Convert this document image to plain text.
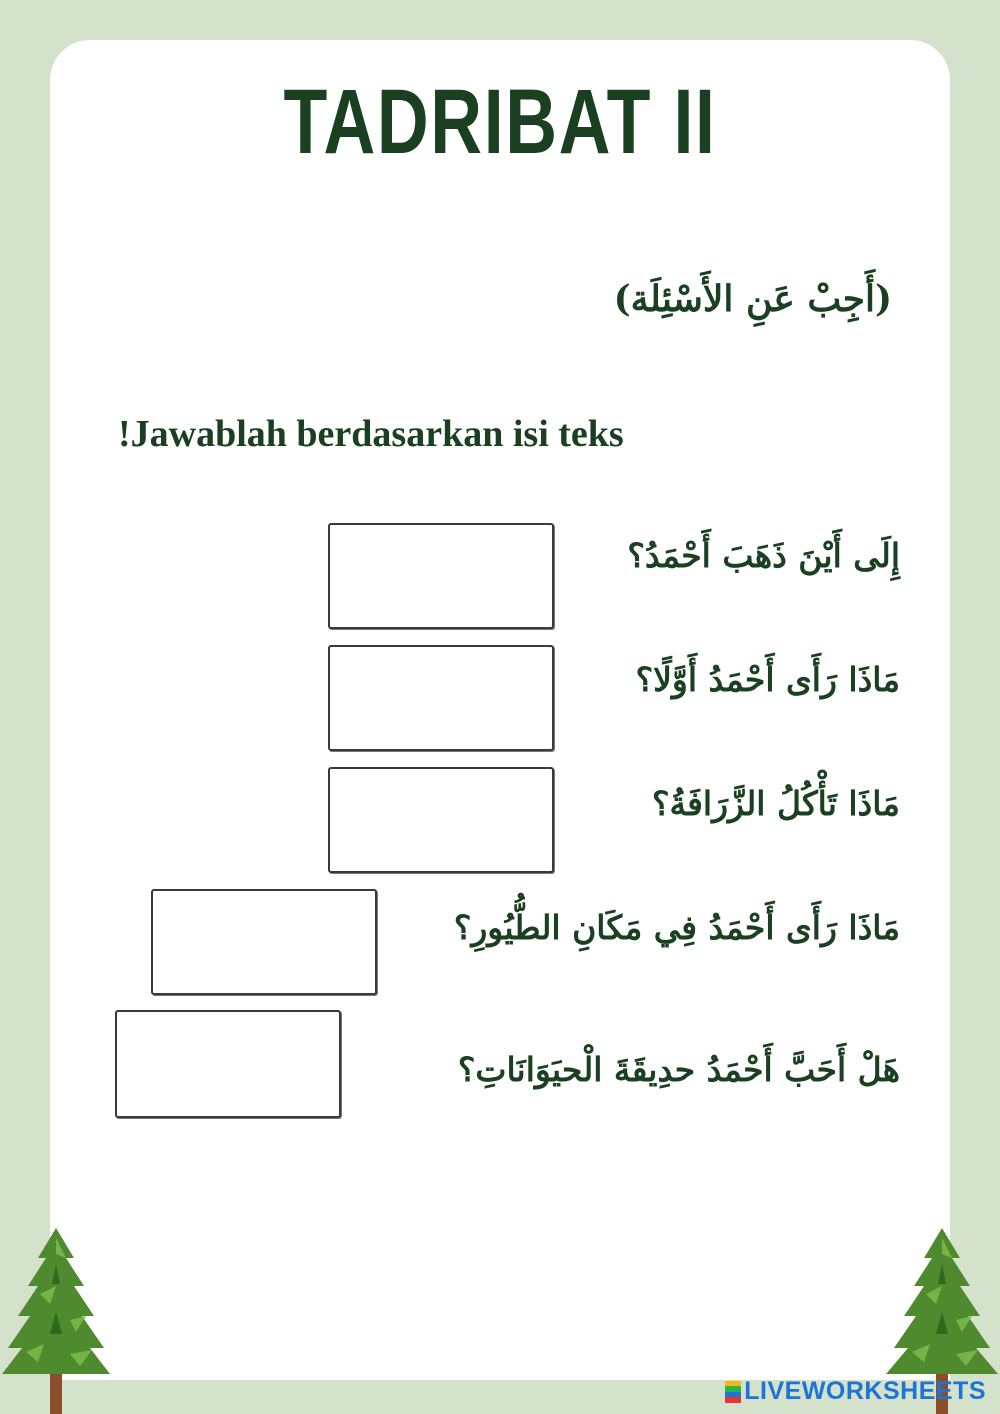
TADRIBAT II
(أَجِبْ عَنِ الأَسْئِلَة)
!Jawablah berdasarkan isi teks
إِلَى أَيْنَ ذَهَبَ أَحْمَدُ؟
مَاذَا رَأَى أَحْمَدُ أَوَّلًا؟
مَاذَا تَأْكُلُ الزَّرَافَةُ؟
مَاذَا رَأَى أَحْمَدُ فِي مَكَانِ الطُّيُورِ؟
هَلْ أَحَبَّ أَحْمَدُ حدِيقَةَ الْحيَوَانَاتِ؟
LIVEWORKSHEETS
